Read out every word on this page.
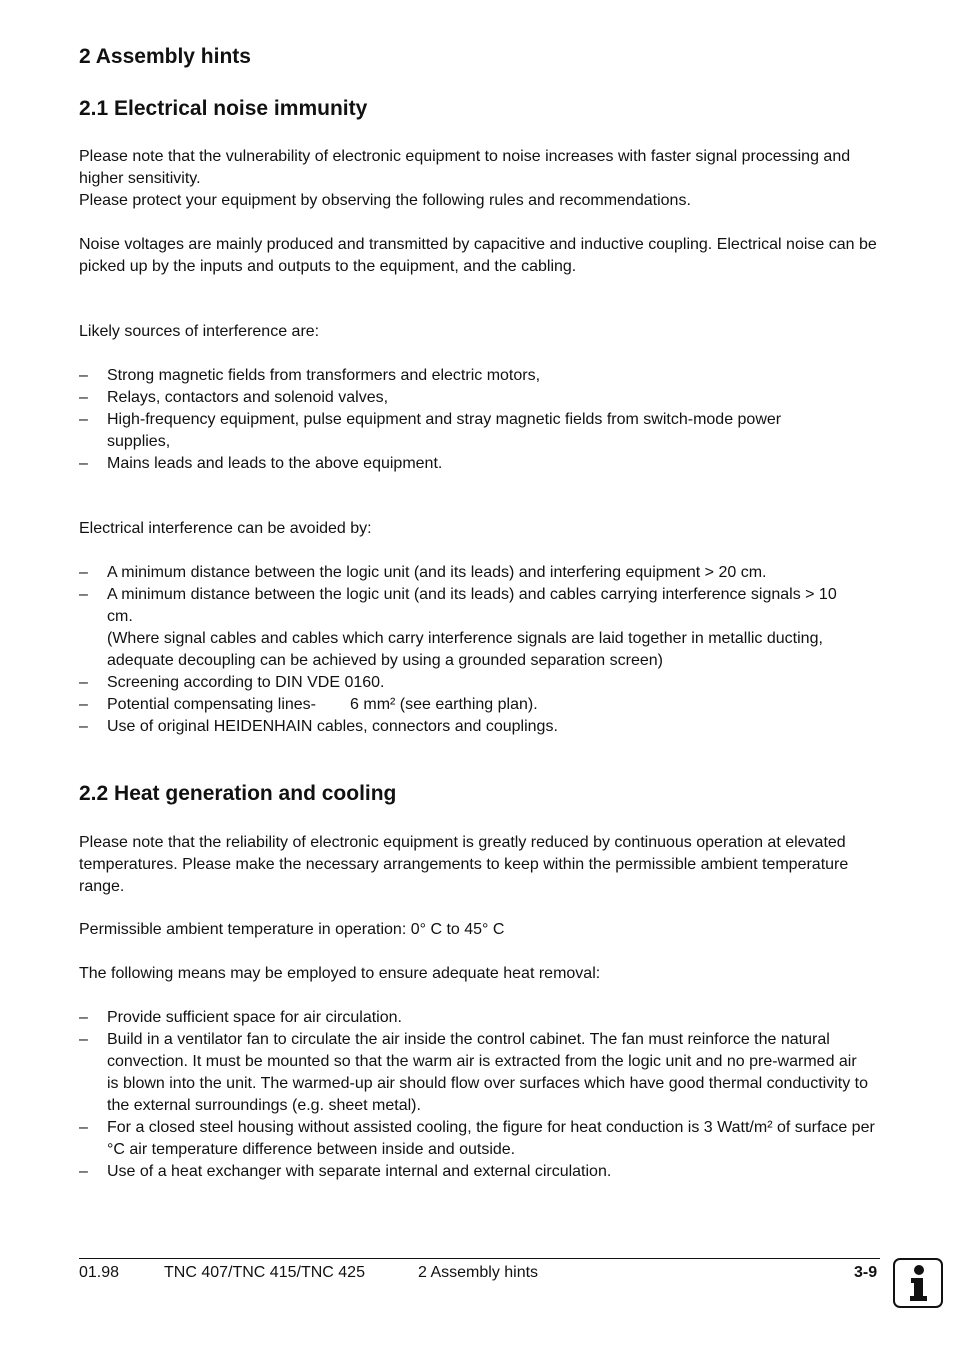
2 Assembly hints
2.1 Electrical noise immunity

Please note that the vulnerability of electronic equipment to noise increases with faster signal processing and higher sensitivity.
Please protect your equipment by observing the following rules and recommendations.

Noise voltages are mainly produced and transmitted by capacitive and inductive coupling. Electrical noise can be picked up by the inputs and outputs to the equipment, and the cabling.

Likely sources of interference are:

– Strong magnetic fields from transformers and electric motors,
– Relays, contactors and solenoid valves,
– High-frequency equipment, pulse equipment and stray magnetic fields from switch-mode power supplies,
– Mains leads and leads to the above equipment.

Electrical interference can be avoided by:

– A minimum distance between the logic unit (and its leads) and interfering equipment > 20 cm.
– A minimum distance between the logic unit (and its leads) and cables carrying interference signals > 10 cm.
(Where signal cables and cables which carry interference signals are laid together in metallic ducting, adequate decoupling can be achieved by using a grounded separation screen)
– Screening according to DIN VDE 0160.
– Potential compensating lines- 6 mm² (see earthing plan).
– Use of original HEIDENHAIN cables, connectors and couplings.
2.2 Heat generation and cooling

Please note that the reliability of electronic equipment is greatly reduced by continuous operation at elevated temperatures. Please make the necessary arrangements to keep within the permissible ambient temperature range.

Permissible ambient temperature in operation: 0° C to 45° C

The following means may be employed to ensure adequate heat removal:

– Provide sufficient space for air circulation.
– Build in a ventilator fan to circulate the air inside the control cabinet. The fan must reinforce the natural convection. It must be mounted so that the warm air is extracted from the logic unit and no pre-warmed air is blown into the unit. The warmed-up air should flow over surfaces which have good thermal conductivity to the external surroundings (e.g. sheet metal).
– For a closed steel housing without assisted cooling, the figure for heat conduction is 3 Watt/m² of surface per °C air temperature difference between inside and outside.
– Use of a heat exchanger with separate internal and external circulation.
01.98	TNC 407/TNC 415/TNC 425	2 Assembly hints	3-9
